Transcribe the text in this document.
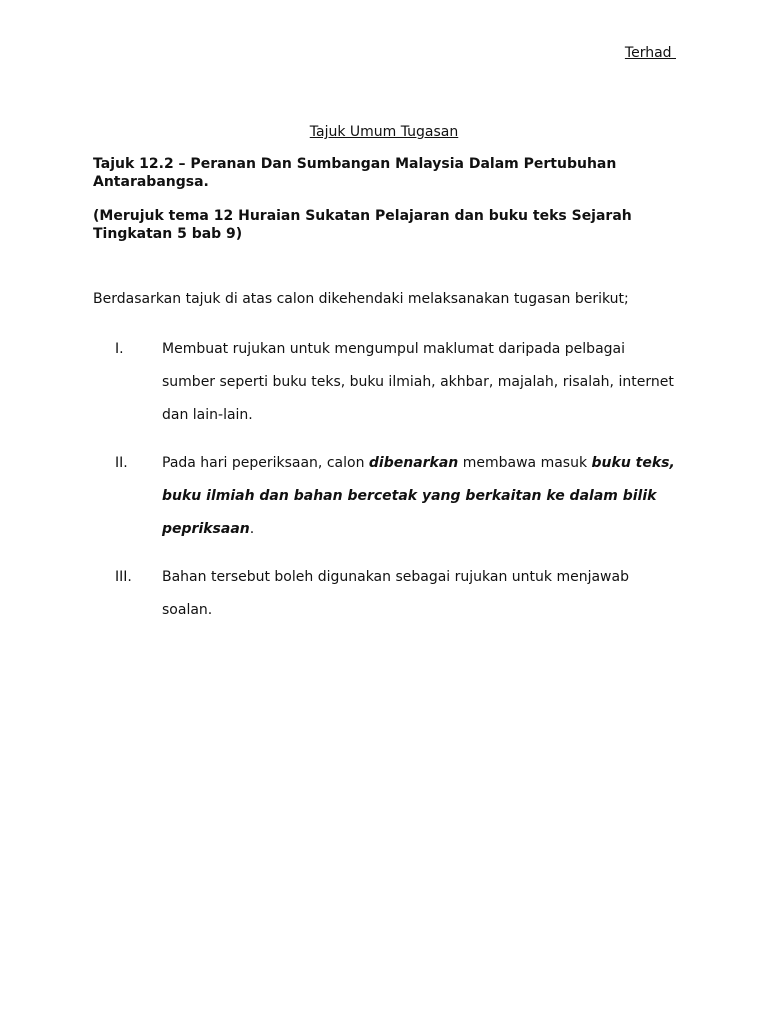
Terhad
Tajuk Umum Tugasan
Tajuk 12.2 – Peranan Dan Sumbangan Malaysia Dalam Pertubuhan Antarabangsa.
(Merujuk tema 12 Huraian Sukatan Pelajaran dan buku teks Sejarah Tingkatan 5 bab 9)
Berdasarkan tajuk di atas calon dikehendaki melaksanakan tugasan berikut;
I.	Membuat rujukan untuk mengumpul maklumat daripada pelbagai sumber seperti buku teks, buku ilmiah, akhbar, majalah, risalah, internet dan lain-lain.
II. Pada hari peperiksaan, calon dibenarkan membawa masuk buku teks, buku ilmiah dan bahan bercetak yang berkaitan ke dalam bilik pepriksaan.
III. Bahan tersebut boleh digunakan sebagai rujukan untuk menjawab soalan.
